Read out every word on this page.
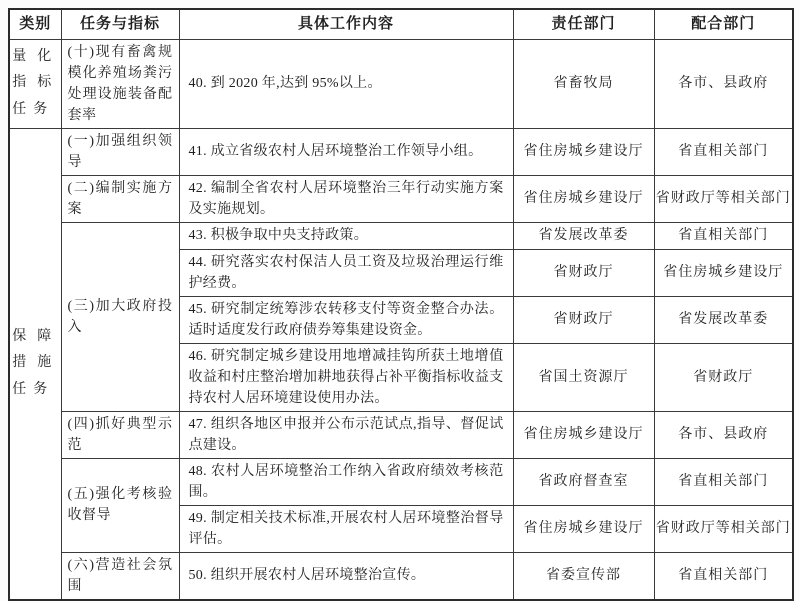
类别	任务与指标	具体工作内容	责任部门	配合部门

量化指标任务	(十)现有畜禽规模化养殖场粪污处理设施装备配套率	40. 到 2020 年,达到 95%以上。	省畜牧局	各市、县政府

保障措施任务	(一)加强组织领导	41. 成立省级农村人居环境整治工作领导小组。	省住房城乡建设厅	省直相关部门
	(二)编制实施方案	42. 编制全省农村人居环境整治三年行动实施方案及实施规划。	省住房城乡建设厅	省财政厅等相关部门
	(三)加大政府投入	43. 积极争取中央支持政策。	省发展改革委	省直相关部门
		44. 研究落实农村保洁人员工资及垃圾治理运行维护经费。	省财政厅	省住房城乡建设厅
		45. 研究制定统筹涉农转移支付等资金整合办法。适时适度发行政府债券筹集建设资金。	省财政厅	省发展改革委
		46. 研究制定城乡建设用地增减挂钩所获土地增值收益和村庄整治增加耕地获得占补平衡指标收益支持农村人居环境建设使用办法。	省国土资源厅	省财政厅
	(四)抓好典型示范	47. 组织各地区申报并公布示范试点,指导、督促试点建设。	省住房城乡建设厅	各市、县政府
	(五)强化考核验收督导	48. 农村人居环境整治工作纳入省政府绩效考核范围。	省政府督查室	省直相关部门
		49. 制定相关技术标准,开展农村人居环境整治督导评估。	省住房城乡建设厅	省财政厅等相关部门
	(六)营造社会氛围	50. 组织开展农村人居环境整治宣传。	省委宣传部	省直相关部门
